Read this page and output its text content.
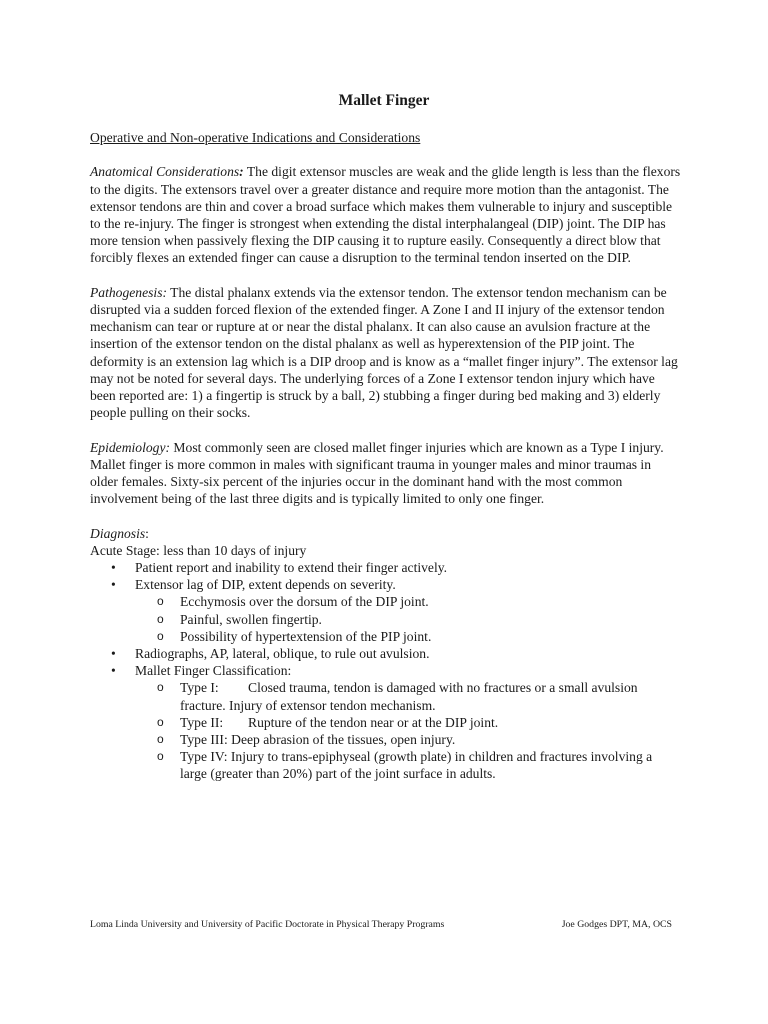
Mallet Finger

Operative and Non-operative Indications and Considerations

Anatomical Considerations: The digit extensor muscles are weak and the glide length is less than the flexors to the digits. The extensors travel over a greater distance and require more motion than the antagonist. The extensor tendons are thin and cover a broad surface which makes them vulnerable to injury and susceptible to the re-injury. The finger is strongest when extending the distal interphalangeal (DIP) joint. The DIP has more tension when passively flexing the DIP causing it to rupture easily. Consequently a direct blow that forcibly flexes an extended finger can cause a disruption to the terminal tendon inserted on the DIP.

Pathogenesis: The distal phalanx extends via the extensor tendon. The extensor tendon mechanism can be disrupted via a sudden forced flexion of the extended finger. A Zone I and II injury of the extensor tendon mechanism can tear or rupture at or near the distal phalanx. It can also cause an avulsion fracture at the insertion of the extensor tendon on the distal phalanx as well as hyperextension of the PIP joint. The deformity is an extension lag which is a DIP droop and is know as a “mallet finger injury”. The extensor lag may not be noted for several days. The underlying forces of a Zone I extensor tendon injury which have been reported are: 1) a fingertip is struck by a ball, 2) stubbing a finger during bed making and 3) elderly people pulling on their socks.

Epidemiology: Most commonly seen are closed mallet finger injuries which are known as a Type I injury. Mallet finger is more common in males with significant trauma in younger males and minor traumas in older females. Sixty-six percent of the injuries occur in the dominant hand with the most common involvement being of the last three digits and is typically limited to only one finger.

Diagnosis:

Acute Stage: less than 10 days of injury

• Patient report and inability to extend their finger actively.
• Extensor lag of DIP, extent depends on severity.
o Ecchymosis over the dorsum of the DIP joint.
o Painful, swollen fingertip.
o Possibility of hypertextension of the PIP joint.
• Radiographs, AP, lateral, oblique, to rule out avulsion.
• Mallet Finger Classification:
o Type I: Closed trauma, tendon is damaged with no fractures or a small avulsion fracture. Injury of extensor tendon mechanism.
o Type II: Rupture of the tendon near or at the DIP joint.
o Type III: Deep abrasion of the tissues, open injury.
o Type IV: Injury to trans-epiphyseal (growth plate) in children and fractures involving a large (greater than 20%) part of the joint surface in adults.
Loma Linda University and University of Pacific Doctorate in Physical Therapy Programs	Joe Godges DPT, MA, OCS
